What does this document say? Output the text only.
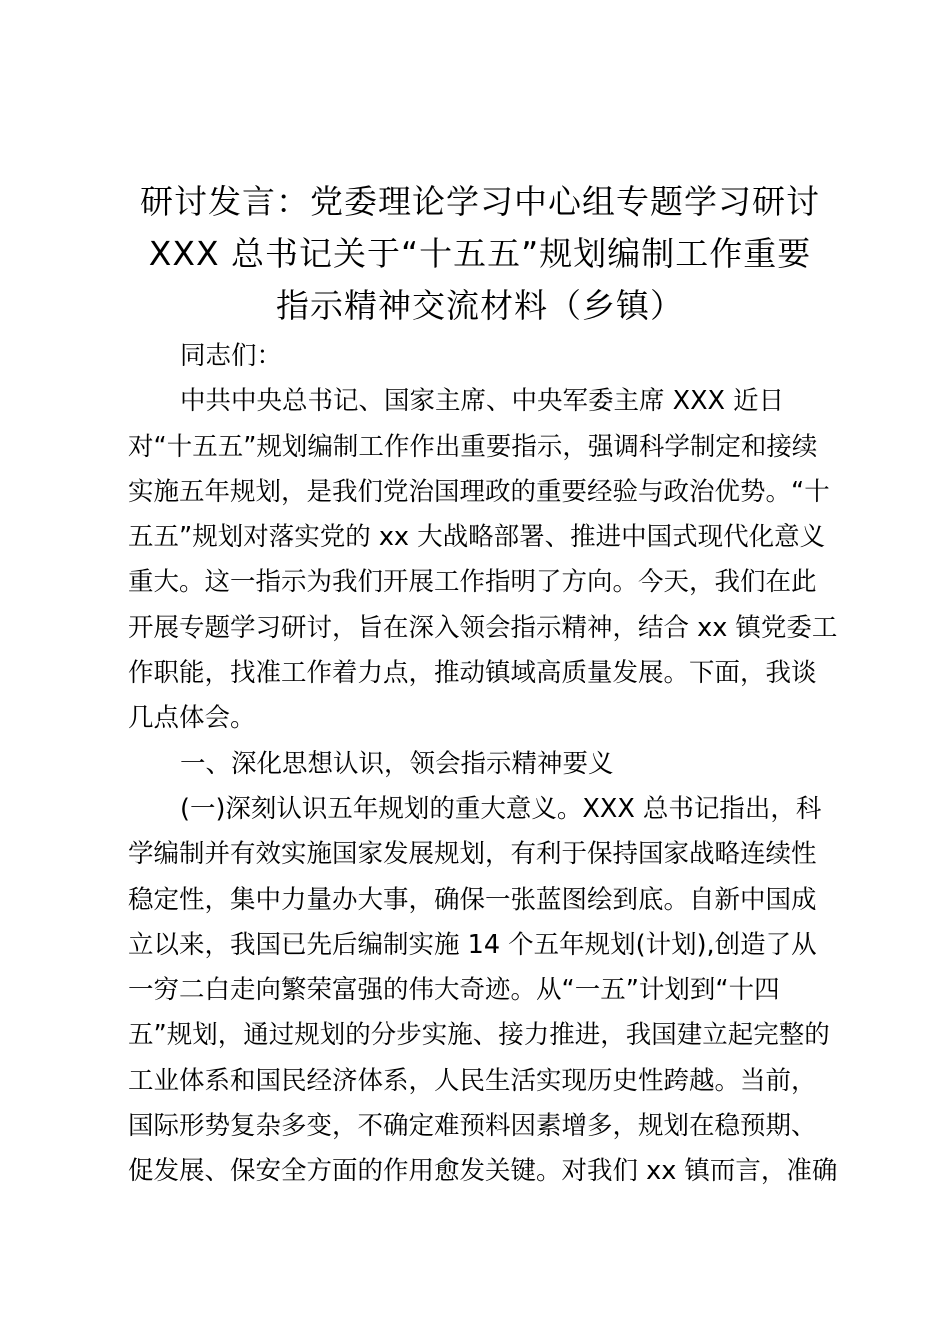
研讨发言：党委理论学习中心组专题学习研讨
XXX 总书记关于“十五五”规划编制工作重要
指示精神交流材料（乡镇）
同志们：
中共中央总书记、国家主席、中央军委主席 XXX 近日
对“十五五”规划编制工作作出重要指示，强调科学制定和接续
实施五年规划，是我们党治国理政的重要经验与政治优势。“十
五五”规划对落实党的 xx 大战略部署、推进中国式现代化意义
重大。这一指示为我们开展工作指明了方向。今天，我们在此
开展专题学习研讨，旨在深入领会指示精神，结合 xx 镇党委工
作职能，找准工作着力点，推动镇域高质量发展。下面，我谈
几点体会。
一、深化思想认识，领会指示精神要义
(一)深刻认识五年规划的重大意义。XXX 总书记指出，科
学编制并有效实施国家发展规划，有利于保持国家战略连续性
稳定性，集中力量办大事，确保一张蓝图绘到底。自新中国成
立以来，我国已先后编制实施 14 个五年规划(计划),创造了从
一穷二白走向繁荣富强的伟大奇迹。从“一五”计划到“十四
五”规划，通过规划的分步实施、接力推进，我国建立起完整的
工业体系和国民经济体系，人民生活实现历史性跨越。当前，
国际形势复杂多变，不确定难预料因素增多，规划在稳预期、
促发展、保安全方面的作用愈发关键。对我们 xx 镇而言，准确
